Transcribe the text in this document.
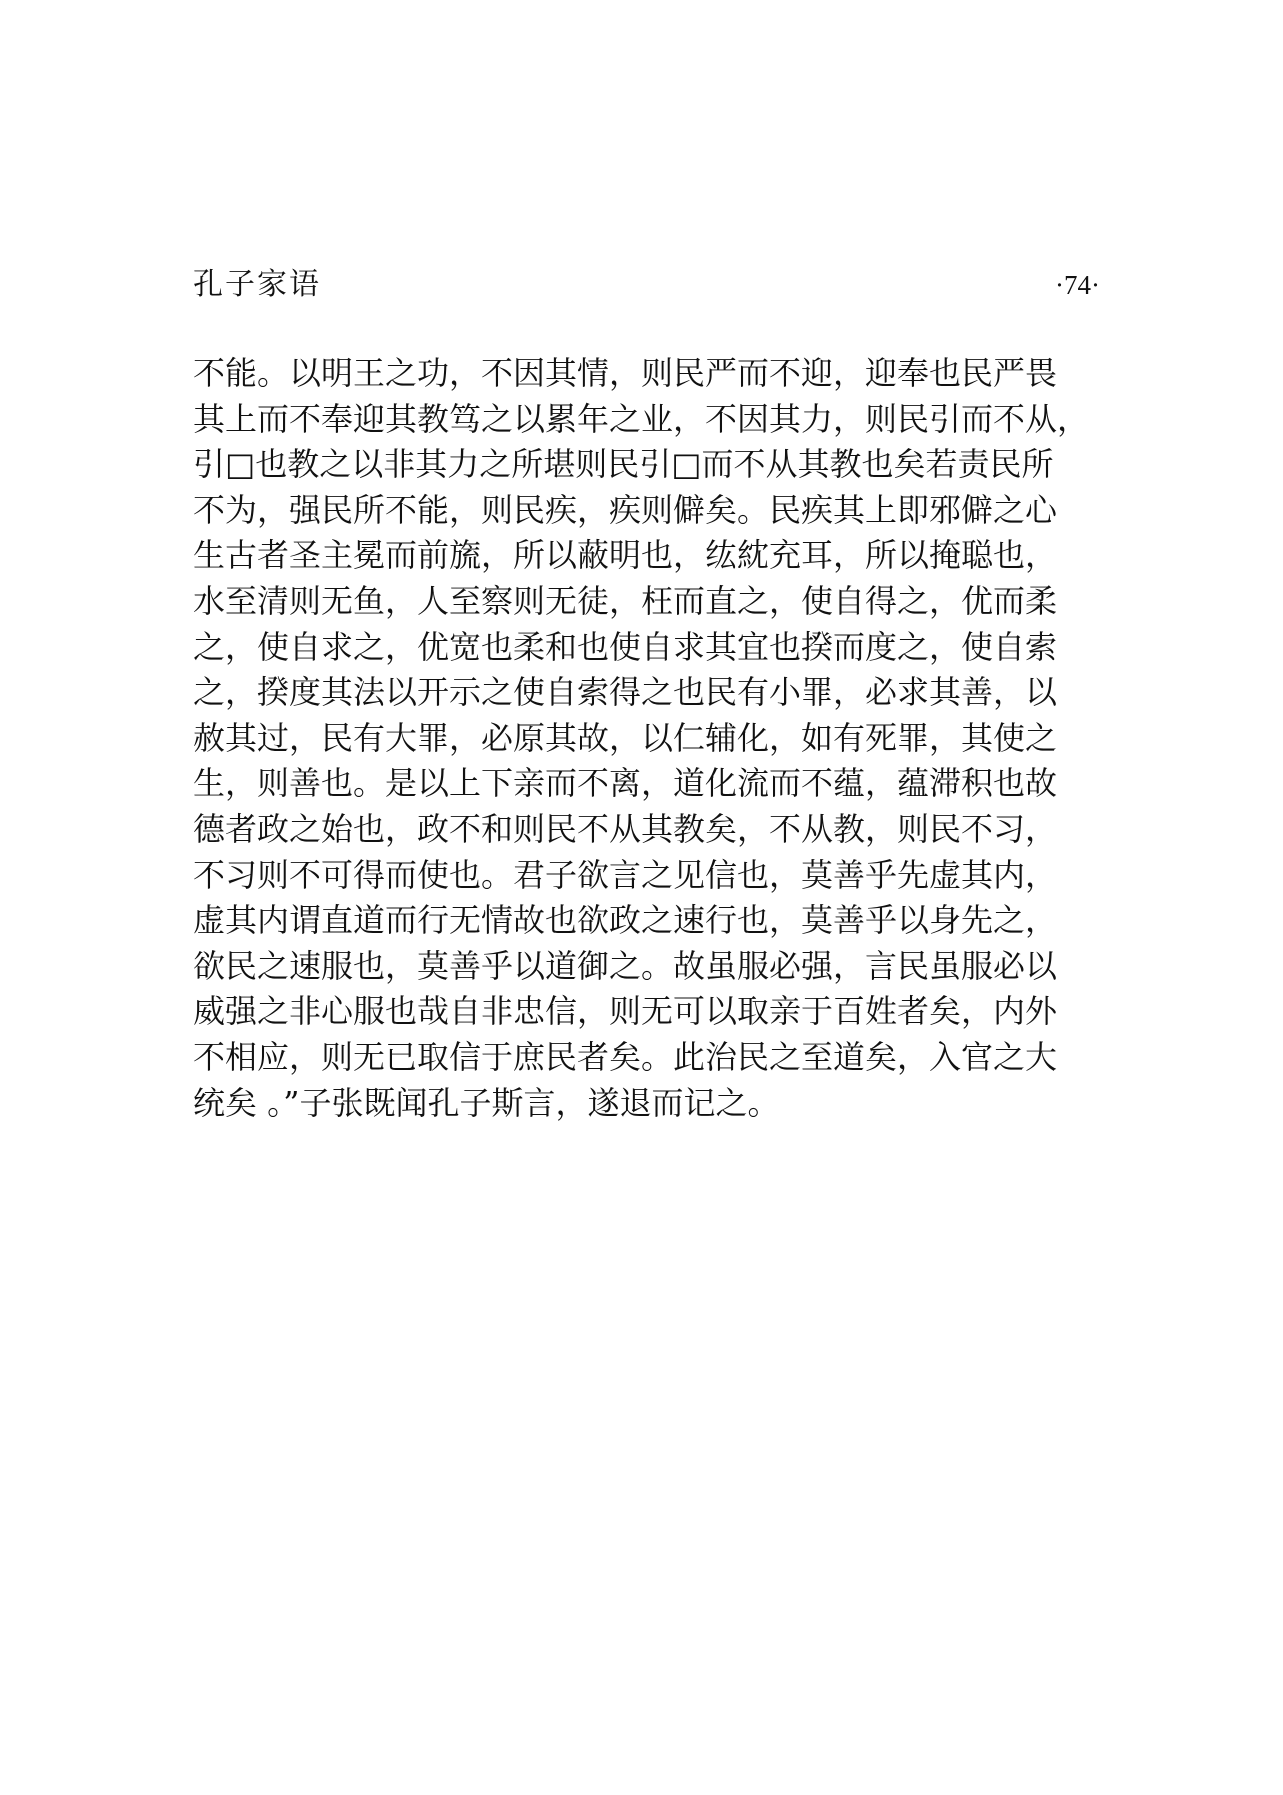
孔子家语	·74·
不能。以明王之功，不因其情，则民严而不迎，迎奉也民严畏
其上而不奉迎其教笃之以累年之业，不因其力，则民引而不从，
引□也教之以非其力之所堪则民引□而不从其教也矣若责民所
不为，强民所不能，则民疾，疾则僻矣。民疾其上即邪僻之心
生古者圣主冕而前旒，所以蔽明也，纮紞充耳，所以掩聪也，
水至清则无鱼，人至察则无徒，枉而直之，使自得之，优而柔
之，使自求之，优宽也柔和也使自求其宜也揆而度之，使自索
之，揆度其法以开示之使自索得之也民有小罪，必求其善，以
赦其过，民有大罪，必原其故，以仁辅化，如有死罪，其使之
生，则善也。是以上下亲而不离，道化流而不蕴，蕴滞积也故
德者政之始也，政不和则民不从其教矣，不从教，则民不习，
不习则不可得而使也。君子欲言之见信也，莫善乎先虚其内，
虚其内谓直道而行无情故也欲政之速行也，莫善乎以身先之，
欲民之速服也，莫善乎以道御之。故虽服必强，言民虽服必以
威强之非心服也哉自非忠信，则无可以取亲于百姓者矣，内外
不相应，则无已取信于庶民者矣。此治民之至道矣，入官之大
统矣 。”子张既闻孔子斯言，遂退而记之。
